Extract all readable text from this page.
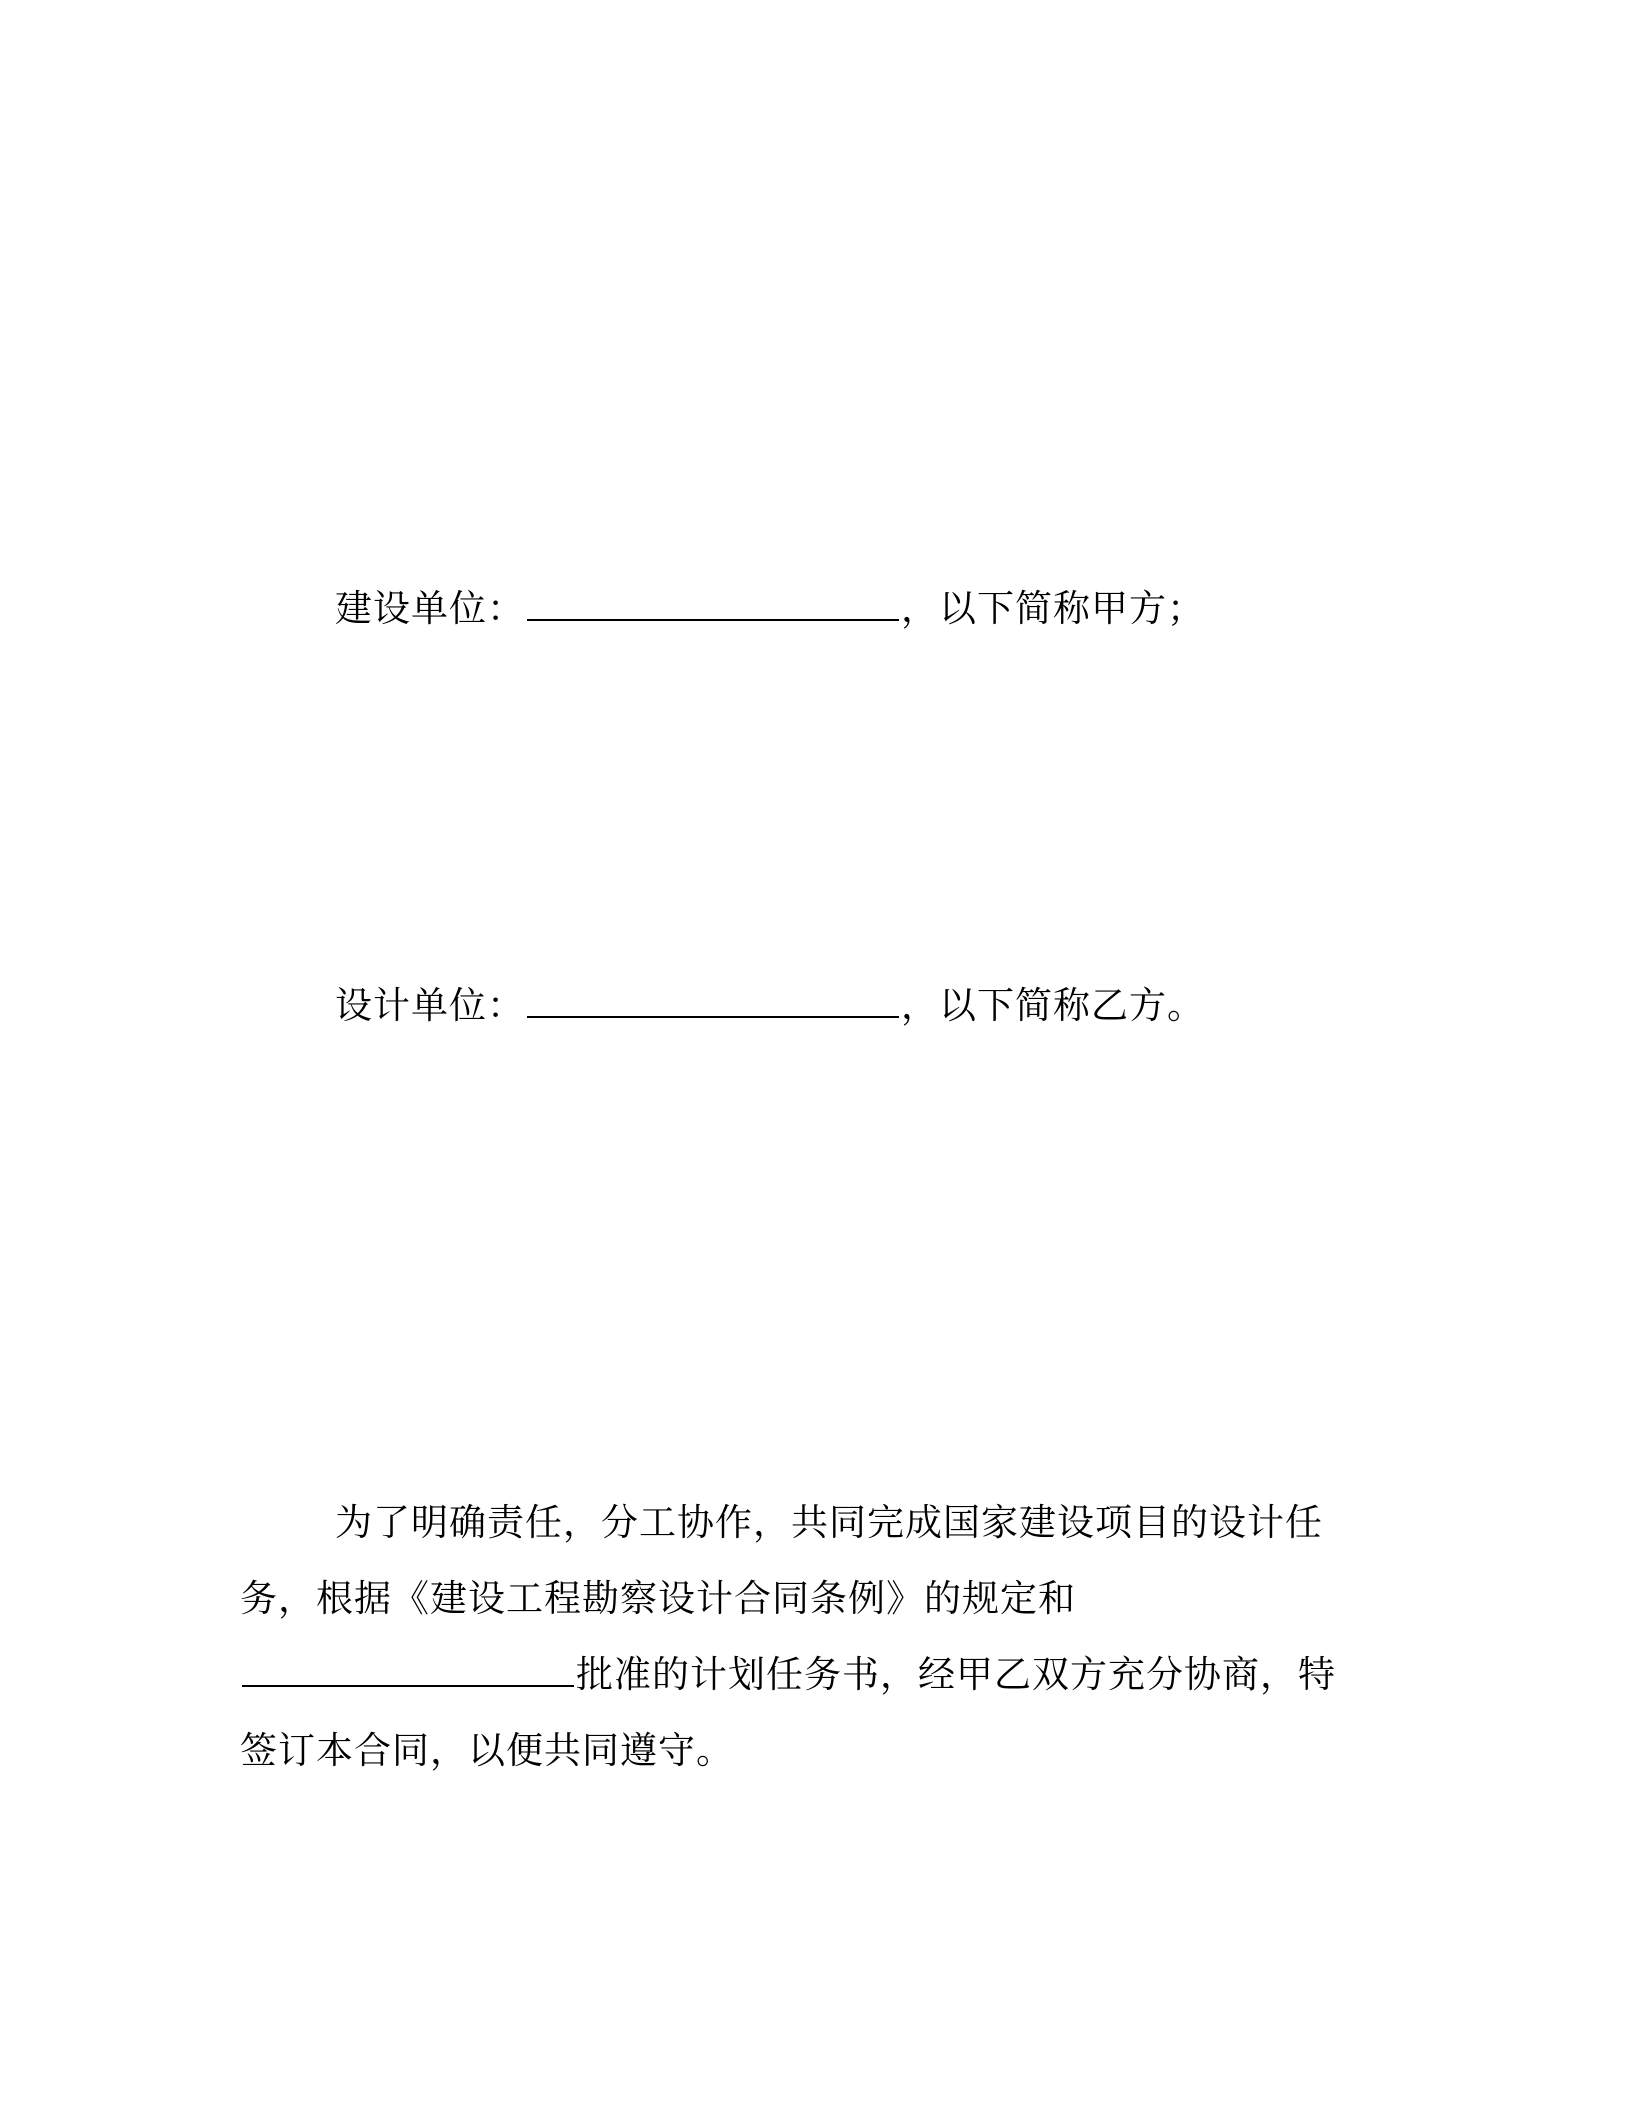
建设单位：	，以下简称甲方；
设计单位：	，以下简称乙方。
为了明确责任，分工协作，共同完成国家建设项目的设计任务，根据《建设工程勘察设计合同条例》的规定和批准的计划任务书，经甲乙双方充分协商，特签订本合同，以便共同遵守。
